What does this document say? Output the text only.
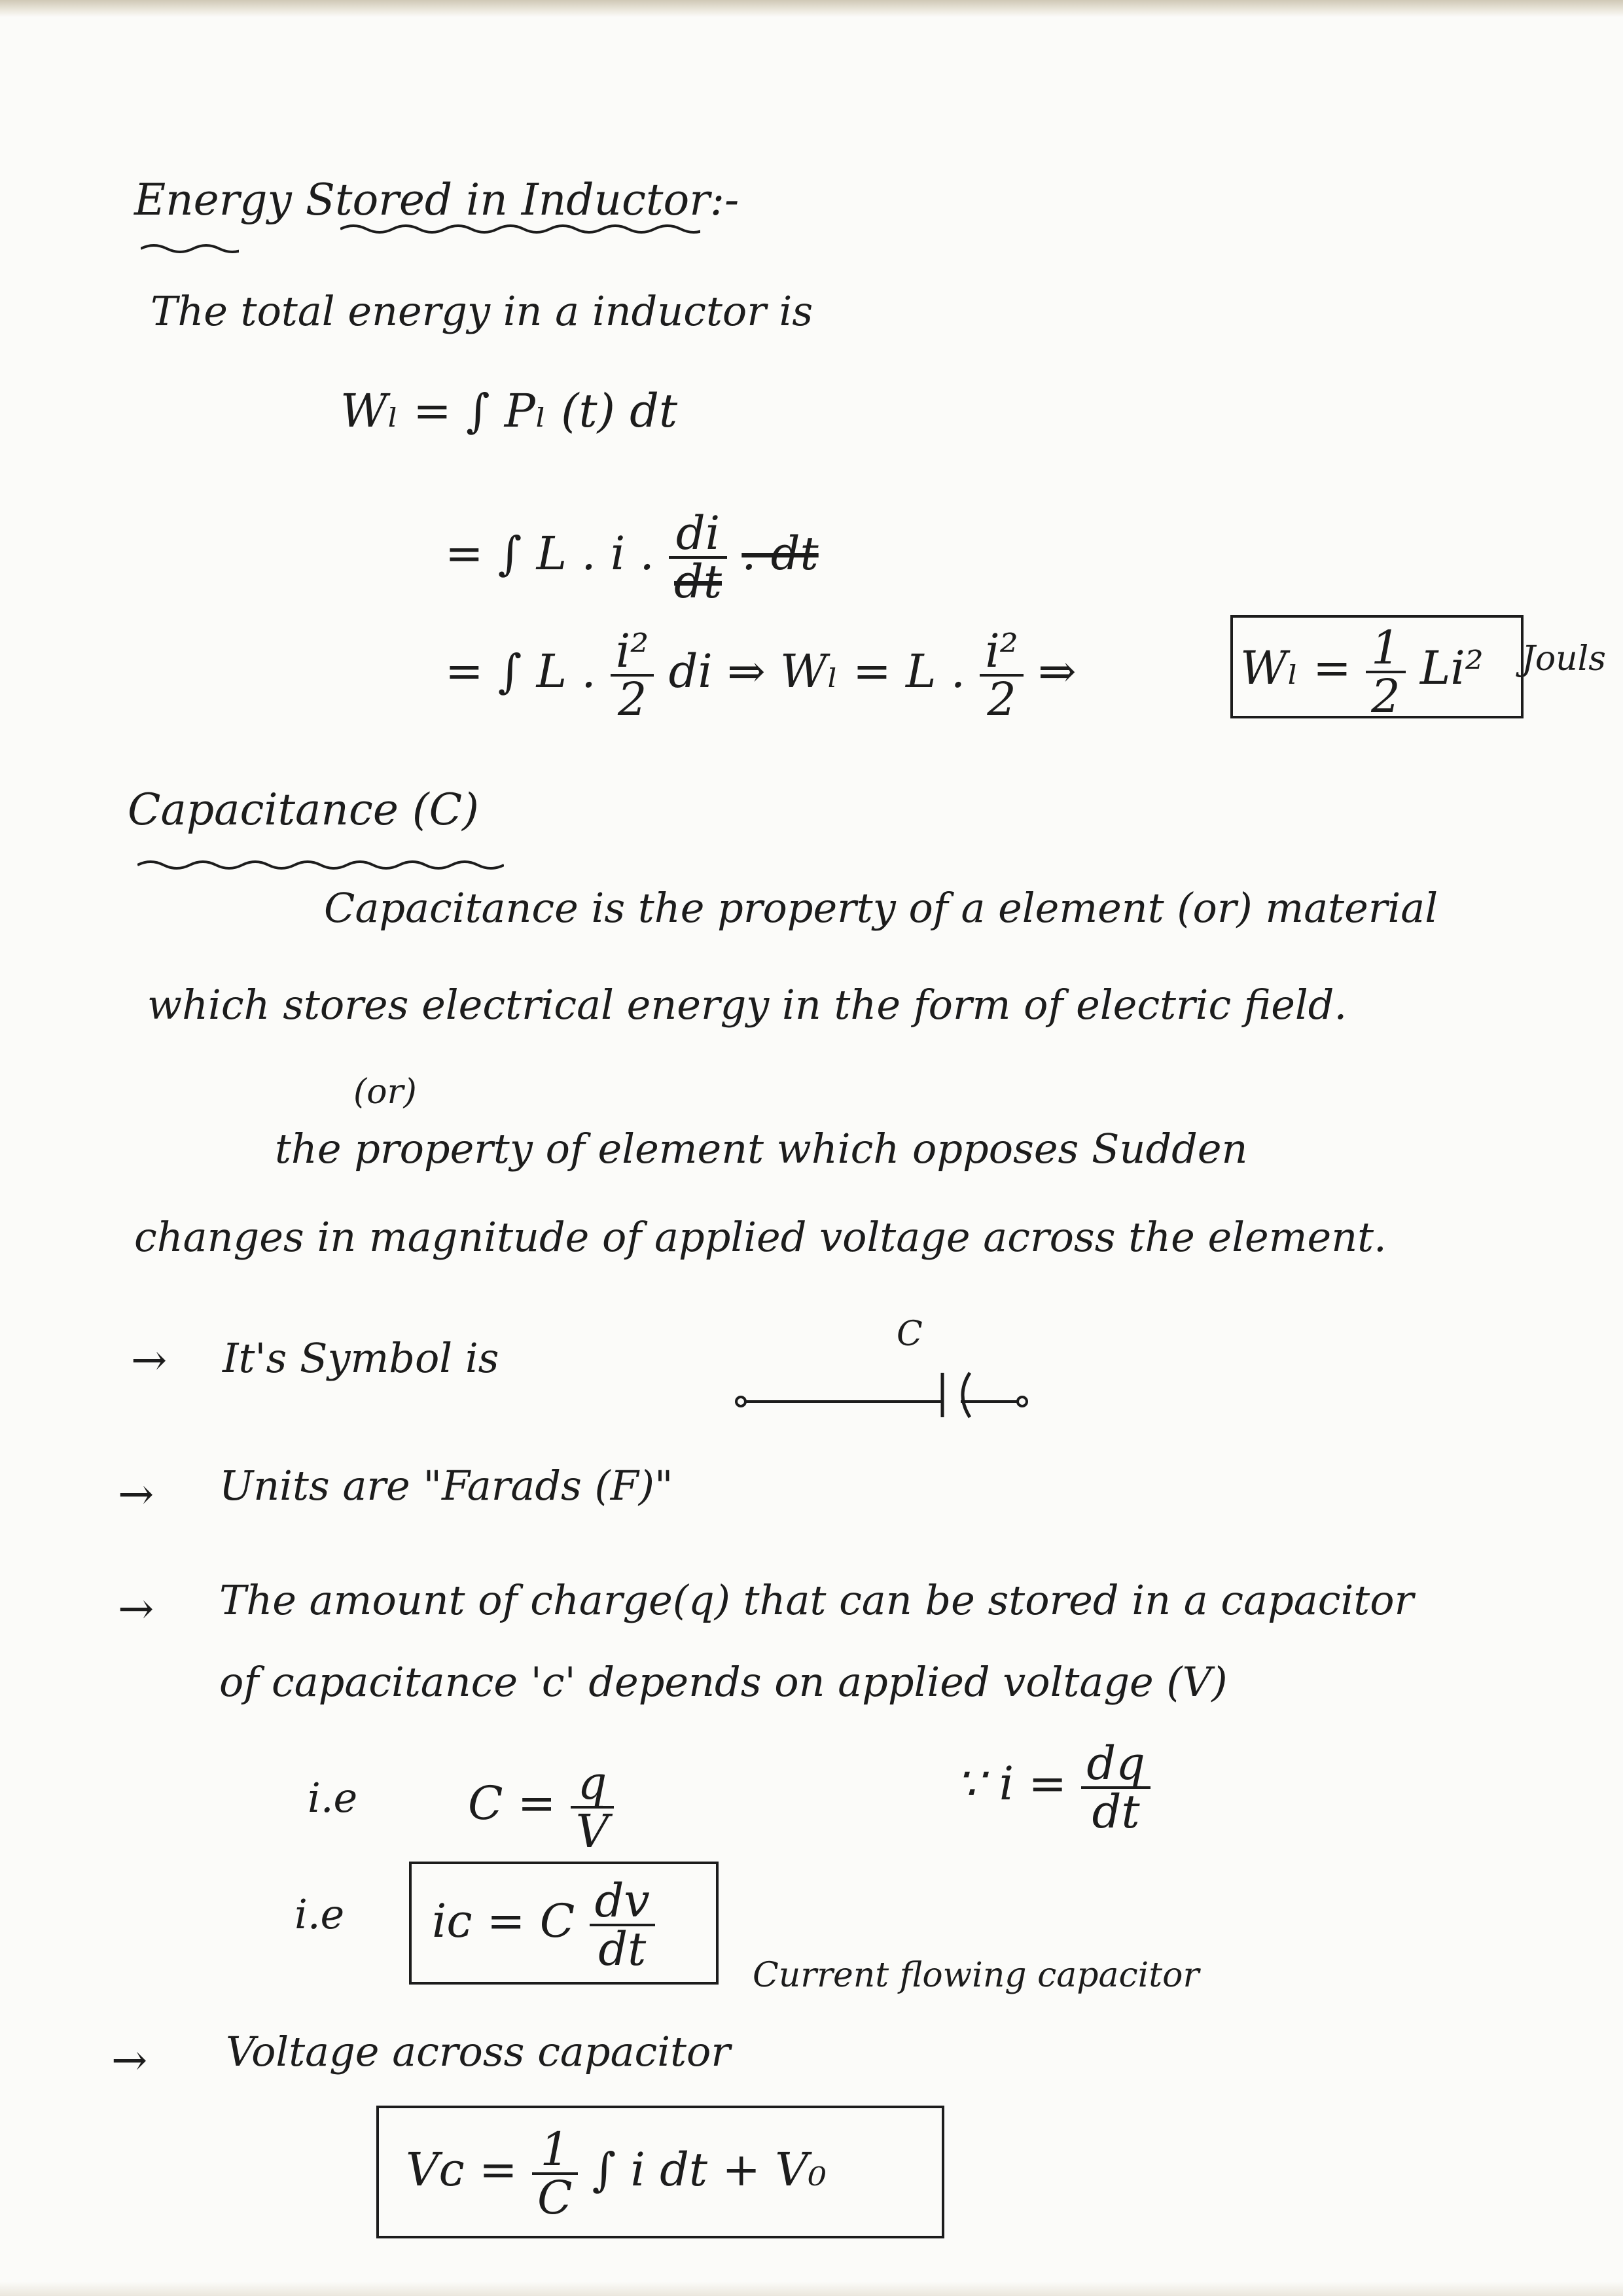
Energy Stored in Inductor:-
The total energy in a inductor is
Wₗ = ∫ Pₗ (t) dt
= ∫ L . i . $\frac{di}{dt}$ . dt
= ∫ L . $\frac{\text{i²}}{2}$ di ⇒ Wₗ = L . $\frac{\text{i²}}{2}$ ⇒	$W_l = \frac{1}{2} Li^2$ Jouls
Capacitance (C)
Capacitance is the property of a element (or) material
which stores electrical energy in the form of electric field.
(or)
the property of element which opposes Sudden
changes in magnitude of applied voltage across the element.
→ It's Symbol is	C
→ Units are "Farads (F)"
→ The amount of charge(q) that can be stored in a capacitor
of capacitance 'c' depends on applied voltage (V)
i.e $C = \frac{q}{V}$	∵ $i = \frac{dq}{dt}$
i.e iᴄ = C $\frac{dv}{dt}$
Current flowing capacitor
→ Voltage across capacitor
Vᴄ = $\frac{1}{C}$ ∫ i dt + V₀
